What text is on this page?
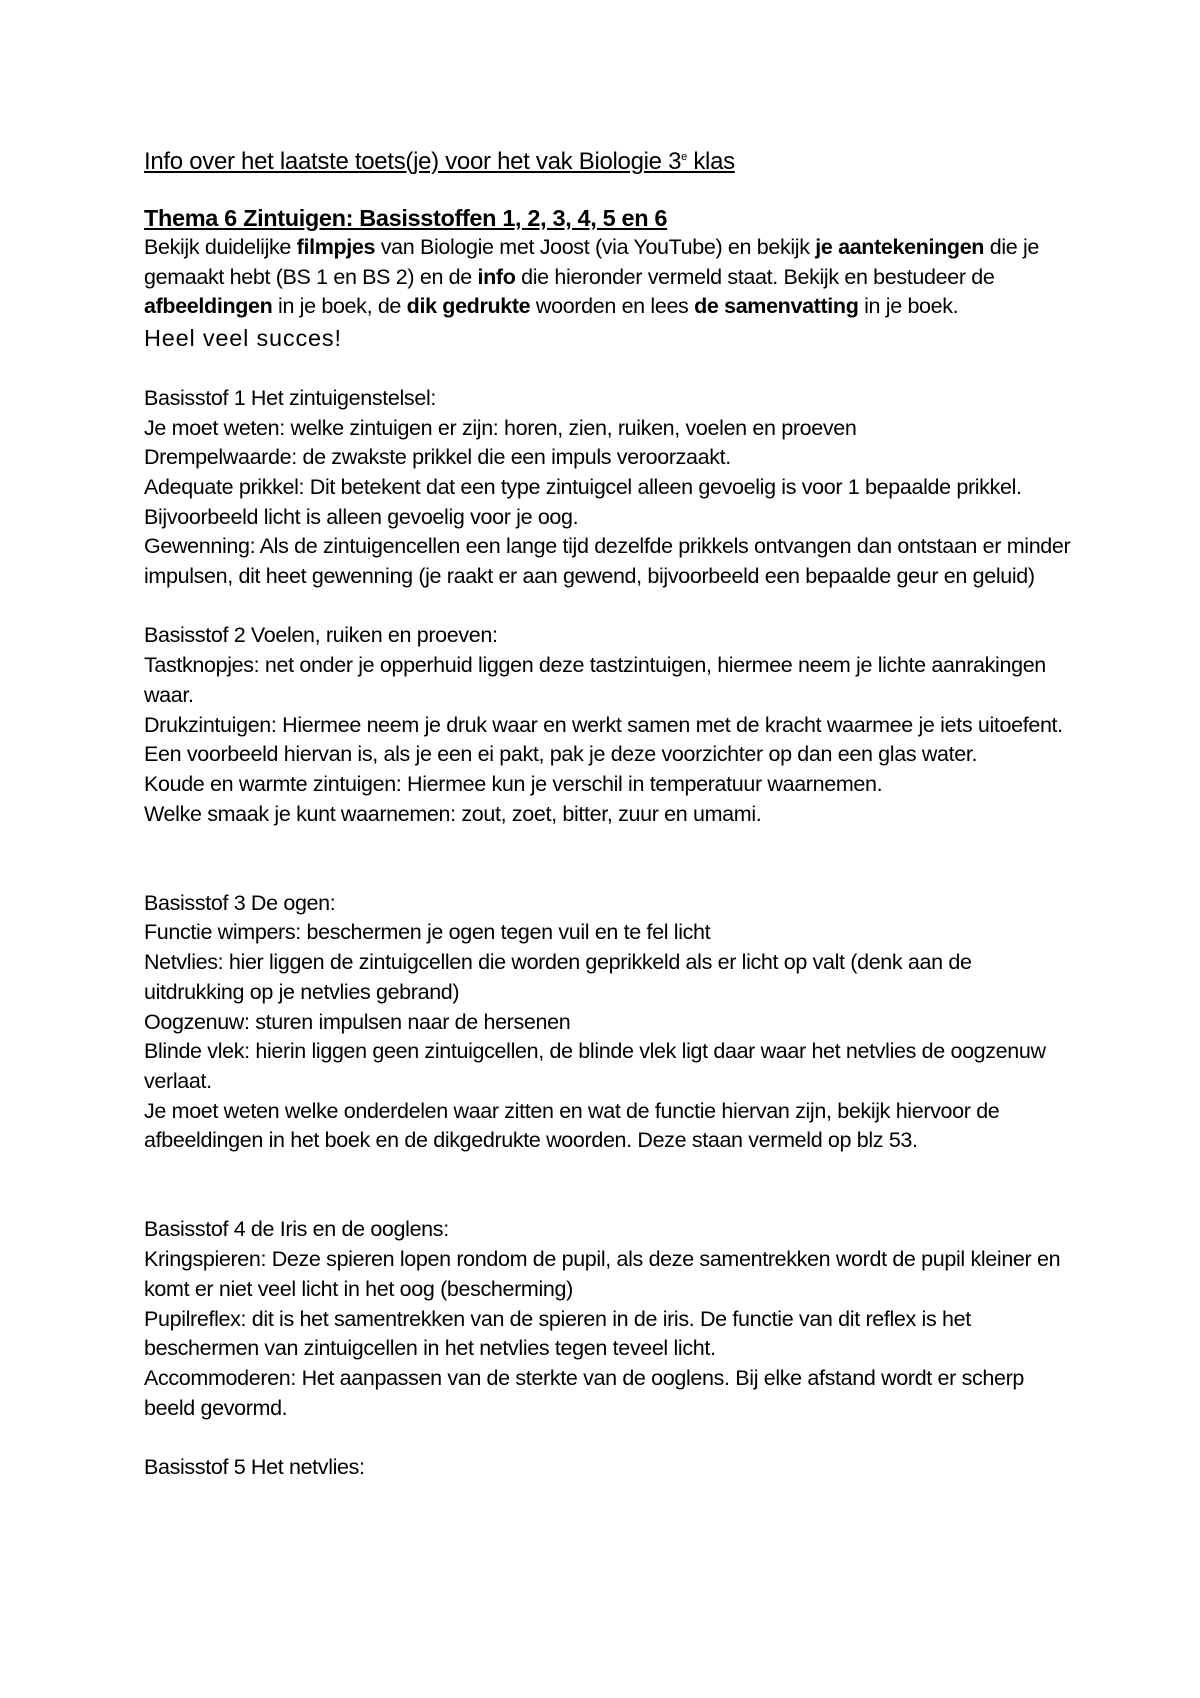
Info over het laatste toets(je) voor het vak Biologie 3e klas
Thema 6 Zintuigen: Basisstoffen 1, 2, 3, 4, 5 en 6

Bekijk duidelijke filmpjes van Biologie met Joost (via YouTube) en bekijk je aantekeningen die je gemaakt hebt (BS 1 en BS 2) en de info die hieronder vermeld staat. Bekijk en bestudeer de afbeeldingen in je boek, de dik gedrukte woorden en lees de samenvatting in je boek.

Heel veel succes!
Basisstof 1 Het zintuigenstelsel:
Je moet weten: welke zintuigen er zijn: horen, zien, ruiken, voelen en proeven
Drempelwaarde: de zwakste prikkel die een impuls veroorzaakt.
Adequate prikkel: Dit betekent dat een type zintuigcel alleen gevoelig is voor 1 bepaalde prikkel. Bijvoorbeeld licht is alleen gevoelig voor je oog.
Gewenning: Als de zintuigencellen een lange tijd dezelfde prikkels ontvangen dan ontstaan er minder impulsen, dit heet gewenning (je raakt er aan gewend, bijvoorbeeld een bepaalde geur en geluid)
Basisstof 2 Voelen, ruiken en proeven:
Tastknopjes: net onder je opperhuid liggen deze tastzintuigen, hiermee neem je lichte aanrakingen waar.
Drukzintuigen: Hiermee neem je druk waar en werkt samen met de kracht waarmee je iets uitoefent. Een voorbeeld hiervan is, als je een ei pakt, pak je deze voorzichter op dan een glas water.
Koude en warmte zintuigen: Hiermee kun je verschil in temperatuur waarnemen.
Welke smaak je kunt waarnemen: zout, zoet, bitter, zuur en umami.
Basisstof 3 De ogen:
Functie wimpers: beschermen je ogen tegen vuil en te fel licht
Netvlies: hier liggen de zintuigcellen die worden geprikkeld als er licht op valt (denk aan de uitdrukking op je netvlies gebrand)
Oogzenuw: sturen impulsen naar de hersenen
Blinde vlek: hierin liggen geen zintuigcellen, de blinde vlek ligt daar waar het netvlies de oogzenuw verlaat.
Je moet weten welke onderdelen waar zitten en wat de functie hiervan zijn, bekijk hiervoor de afbeeldingen in het boek en de dikgedrukte woorden. Deze staan vermeld op blz 53.
Basisstof 4 de Iris en de ooglens:
Kringspieren: Deze spieren lopen rondom de pupil, als deze samentrekken wordt de pupil kleiner en komt er niet veel licht in het oog (bescherming)
Pupilreflex: dit is het samentrekken van de spieren in de iris. De functie van dit reflex is het beschermen van zintuigcellen in het netvlies tegen teveel licht.
Accommoderen: Het aanpassen van de sterkte van de ooglens. Bij elke afstand wordt er scherp beeld gevormd.
Basisstof 5 Het netvlies:
